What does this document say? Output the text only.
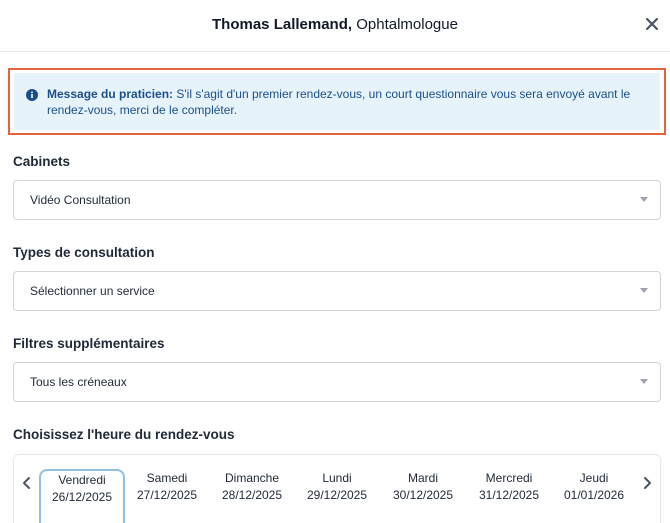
Thomas Lallemand, Ophtalmologue
Message du praticien: S'il s'agit d'un premier rendez-vous, un court questionnaire vous sera envoyé avant le rendez-vous, merci de le compléter.
Cabinets
Vidéo Consultation
Types de consultation
Sélectionner un service
Filtres supplémentaires
Tous les créneaux
Choisissez l'heure du rendez-vous
Vendredi
26/12/2025
Samedi
27/12/2025
Dimanche
28/12/2025
Lundi
29/12/2025
Mardi
30/12/2025
Mercredi
31/12/2025
Jeudi
01/01/2026
